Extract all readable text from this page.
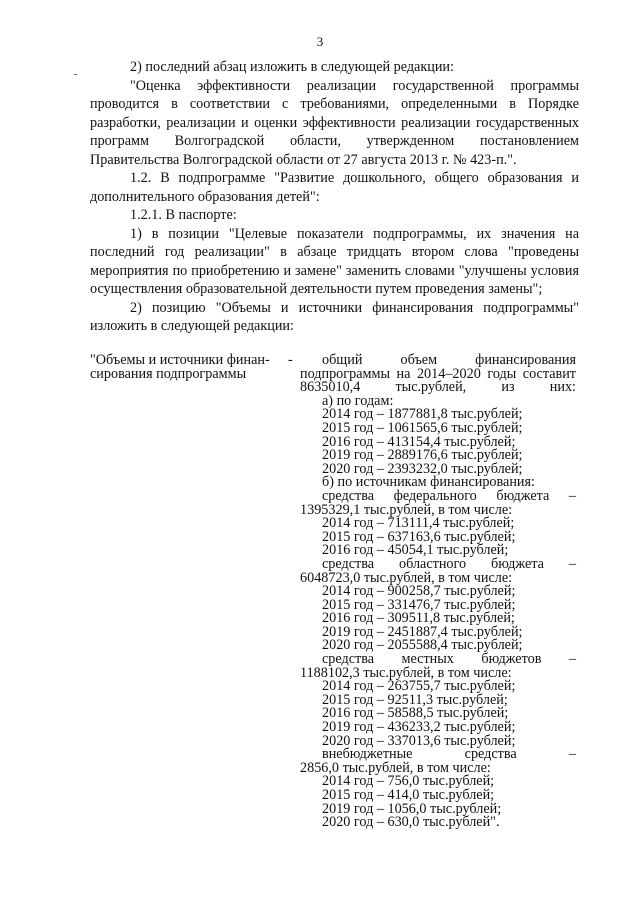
3

2) последний абзац изложить в следующей редакции:

"Оценка эффективности реализации государственной программы проводится в соответствии с требованиями, определенными в Порядке разработки, реализации и оценки эффективности реализации государственных программ Волгоградской области, утвержденном постановлением Правительства Волгоградской области от 27 августа 2013 г. № 423-п.".

1.2. В подпрограмме "Развитие дошкольного, общего образования и дополнительного образования детей":

1.2.1. В паспорте:

1) в позиции "Целевые показатели подпрограммы, их значения на последний год реализации" в абзаце тридцать втором слова "проведены мероприятия по приобретению и замене" заменить словами "улучшены условия осуществления образовательной деятельности путем проведения замены";

2) позицию "Объемы и источники финансирования подпрограммы" изложить в следующей редакции:

"Объемы и источники финан-сирования подпрограммы
-	общий объем финансирования подпрограммы на 2014–2020 годы составит 8635010,4 тыс.рублей, из них:

а) по годам:

2014 год – 1877881,8 тыс.рублей;

2015 год – 1061565,6 тыс.рублей;

2016 год – 413154,4 тыс.рублей;

2019 год – 2889176,6 тыс.рублей;

2020 год – 2393232,0 тыс.рублей;

б) по источникам финансирования:

средства федерального бюджета –

1395329,1 тыс.рублей, в том числе:

2014 год – 713111,4 тыс.рублей;

2015 год – 637163,6 тыс.рублей;

2016 год – 45054,1 тыс.рублей;

средства областного бюджета –

6048723,0 тыс.рублей, в том числе:

2014 год – 900258,7 тыс.рублей;

2015 год – 331476,7 тыс.рублей;

2016 год – 309511,8 тыс.рублей;

2019 год – 2451887,4 тыс.рублей;

2020 год – 2055588,4 тыс.рублей;

средства местных бюджетов –

1188102,3 тыс.рублей, в том числе:

2014 год – 263755,7 тыс.рублей;

2015 год – 92511,3 тыс.рублей;

2016 год – 58588,5 тыс.рублей;

2019 год – 436233,2 тыс.рублей;

2020 год – 337013,6 тыс.рублей;

внебюджетные	средства	–

2856,0 тыс.рублей, в том числе:

2014 год – 756,0 тыс.рублей;

2015 год – 414,0 тыс.рублей;

2019 год – 1056,0 тыс.рублей;

2020 год – 630,0 тыс.рублей".
